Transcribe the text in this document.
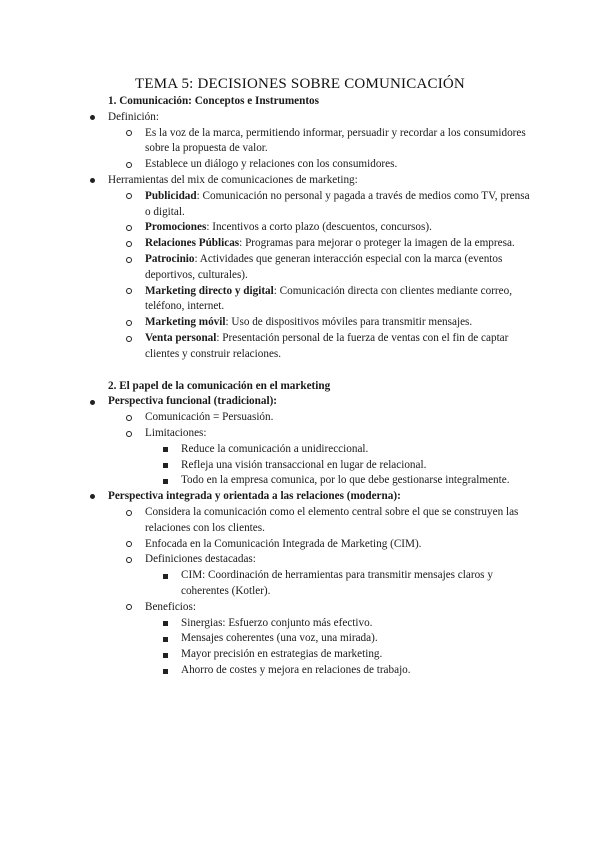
TEMA 5: DECISIONES SOBRE COMUNICACIÓN
1. Comunicación: Conceptos e Instrumentos
Definición:
Es la voz de la marca, permitiendo informar, persuadir y recordar a los consumidores sobre la propuesta de valor.
Establece un diálogo y relaciones con los consumidores.
Herramientas del mix de comunicaciones de marketing:
Publicidad: Comunicación no personal y pagada a través de medios como TV, prensa o digital.
Promociones: Incentivos a corto plazo (descuentos, concursos).
Relaciones Públicas: Programas para mejorar o proteger la imagen de la empresa.
Patrocinio: Actividades que generan interacción especial con la marca (eventos deportivos, culturales).
Marketing directo y digital: Comunicación directa con clientes mediante correo, teléfono, internet.
Marketing móvil: Uso de dispositivos móviles para transmitir mensajes.
Venta personal: Presentación personal de la fuerza de ventas con el fin de captar clientes y construir relaciones.
2. El papel de la comunicación en el marketing
Perspectiva funcional (tradicional):
Comunicación = Persuasión.
Limitaciones:
Reduce la comunicación a unidireccional.
Refleja una visión transaccional en lugar de relacional.
Todo en la empresa comunica, por lo que debe gestionarse integralmente.
Perspectiva integrada y orientada a las relaciones (moderna):
Considera la comunicación como el elemento central sobre el que se construyen las relaciones con los clientes.
Enfocada en la Comunicación Integrada de Marketing (CIM).
Definiciones destacadas:
CIM: Coordinación de herramientas para transmitir mensajes claros y coherentes (Kotler).
Beneficios:
Sinergias: Esfuerzo conjunto más efectivo.
Mensajes coherentes (una voz, una mirada).
Mayor precisión en estrategias de marketing.
Ahorro de costes y mejora en relaciones de trabajo.
